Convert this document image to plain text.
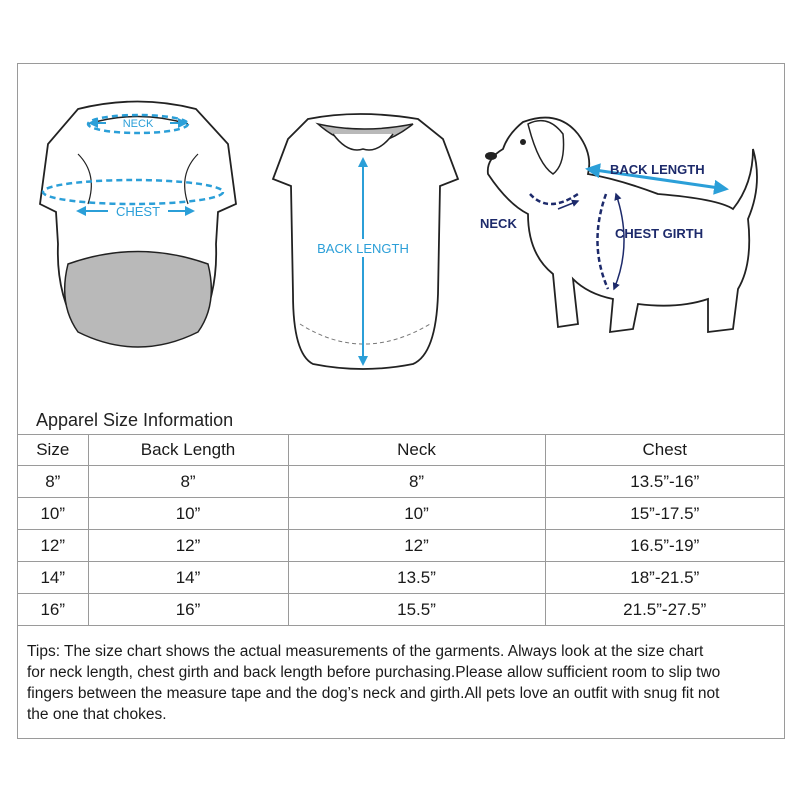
NECK
CHEST
BACK LENGTH
BACK LENGTH
NECK
CHEST GIRTH
Apparel Size Information
Size	Back Length	Neck	Chest
8”	8”	8”	13.5”-16”
10”	10”	10”	15”-17.5”
12”	12”	12”	16.5”-19”
14”	14”	13.5”	18”-21.5”
16”	16”	15.5”	21.5”-27.5”
Tips: The size chart shows the actual measurements of the garments. Always look at the size chart
for neck length, chest girth and back length before purchasing.Please allow sufficient room to slip two
fingers between the measure tape and the dog’s neck and girth.All pets love an outfit with snug fit not
the one that chokes.
